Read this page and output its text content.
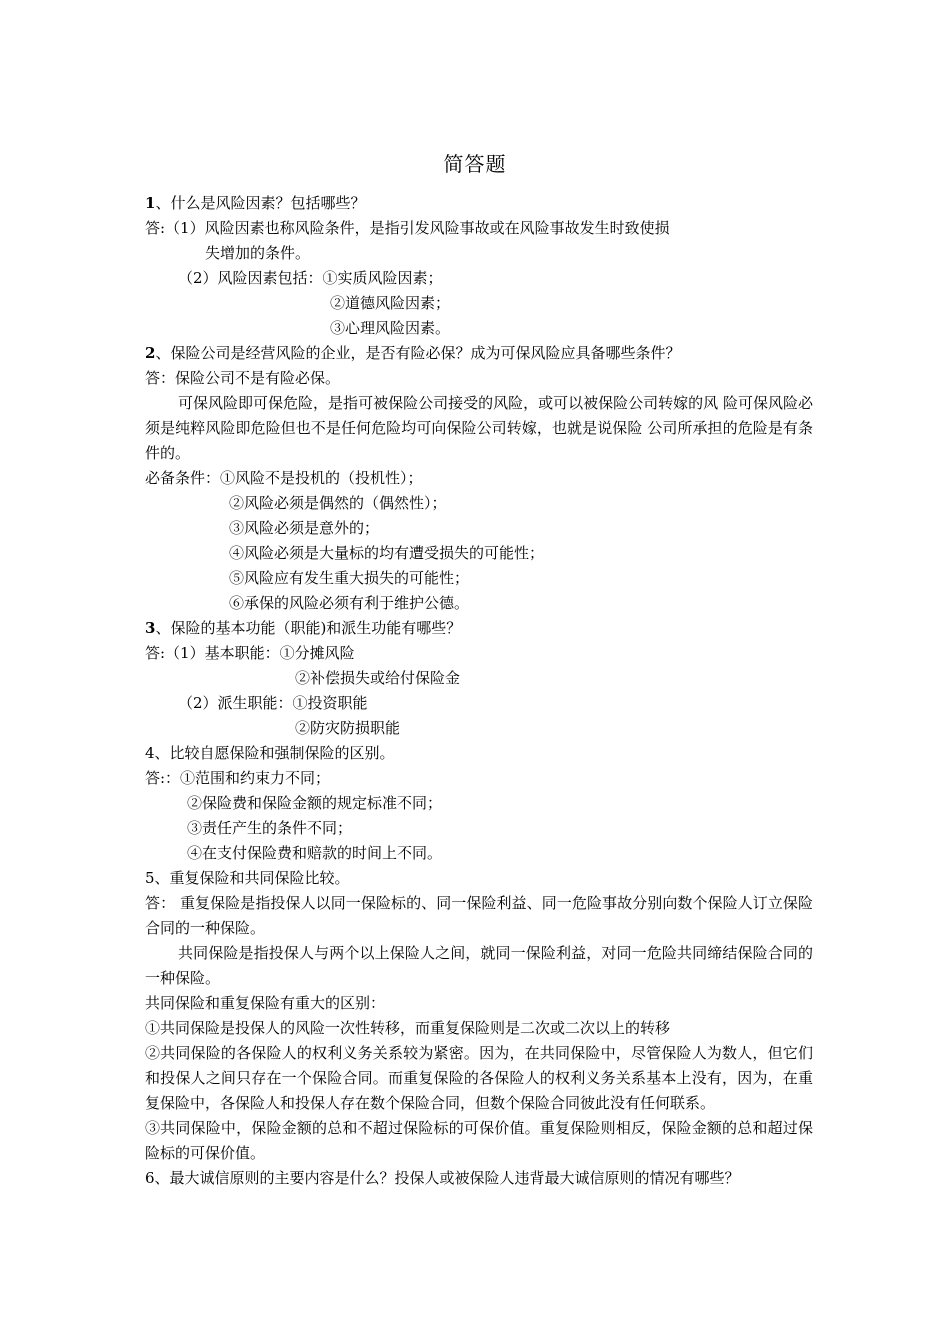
简答题
1、什么是风险因素？包括哪些？
答:（1）风险因素也称风险条件，是指引发风险事故或在风险事故发生时致使损
失增加的条件。
（2）风险因素包括：①实质风险因素；
②道德风险因素；
③心理风险因素。
2、保险公司是经营风险的企业，是否有险必保？成为可保风险应具备哪些条件？
答：保险公司不是有险必保。
可保风险即可保危险，是指可被保险公司接受的风险，或可以被保险公司转嫁的风 险可保风险必须是纯粹风险即危险但也不是任何危险均可向保险公司转嫁，也就是说保险 公司所承担的危险是有条件的。
必备条件：①风险不是投机的（投机性）；
②风险必须是偶然的（偶然性）；
③风险必须是意外的；
④风险必须是大量标的均有遭受损失的可能性；
⑤风险应有发生重大损失的可能性；
⑥承保的风险必须有利于维护公德。
3、保险的基本功能（职能)和派生功能有哪些？
答:（1）基本职能：①分摊风险
②补偿损失或给付保险金
（2）派生职能：①投资职能
②防灾防损职能
4、比较自愿保险和强制保险的区别。
答:：①范围和约束力不同；
②保险费和保险金额的规定标准不同；
③责任产生的条件不同；
④在支付保险费和赔款的时间上不同。
5、重复保险和共同保险比较。
答： 重复保险是指投保人以同一保险标的、同一保险利益、同一危险事故分别向数个保险人订立保险合同的一种保险。
共同保险是指投保人与两个以上保险人之间，就同一保险利益，对同一危险共同缔结保险合同的一种保险。
共同保险和重复保险有重大的区别：
①共同保险是投保人的风险一次性转移，而重复保险则是二次或二次以上的转移
②共同保险的各保险人的权利义务关系较为紧密。因为，在共同保险中，尽管保险人为数人，但它们和投保人之间只存在一个保险合同。而重复保险的各保险人的权利义务关系基本上没有，因为，在重复保险中，各保险人和投保人存在数个保险合同，但数个保险合同彼此没有任何联系。
③共同保险中，保险金额的总和不超过保险标的可保价值。重复保险则相反，保险金额的总和超过保险标的可保价值。
6、最大诚信原则的主要内容是什么？投保人或被保险人违背最大诚信原则的情况有哪些？
